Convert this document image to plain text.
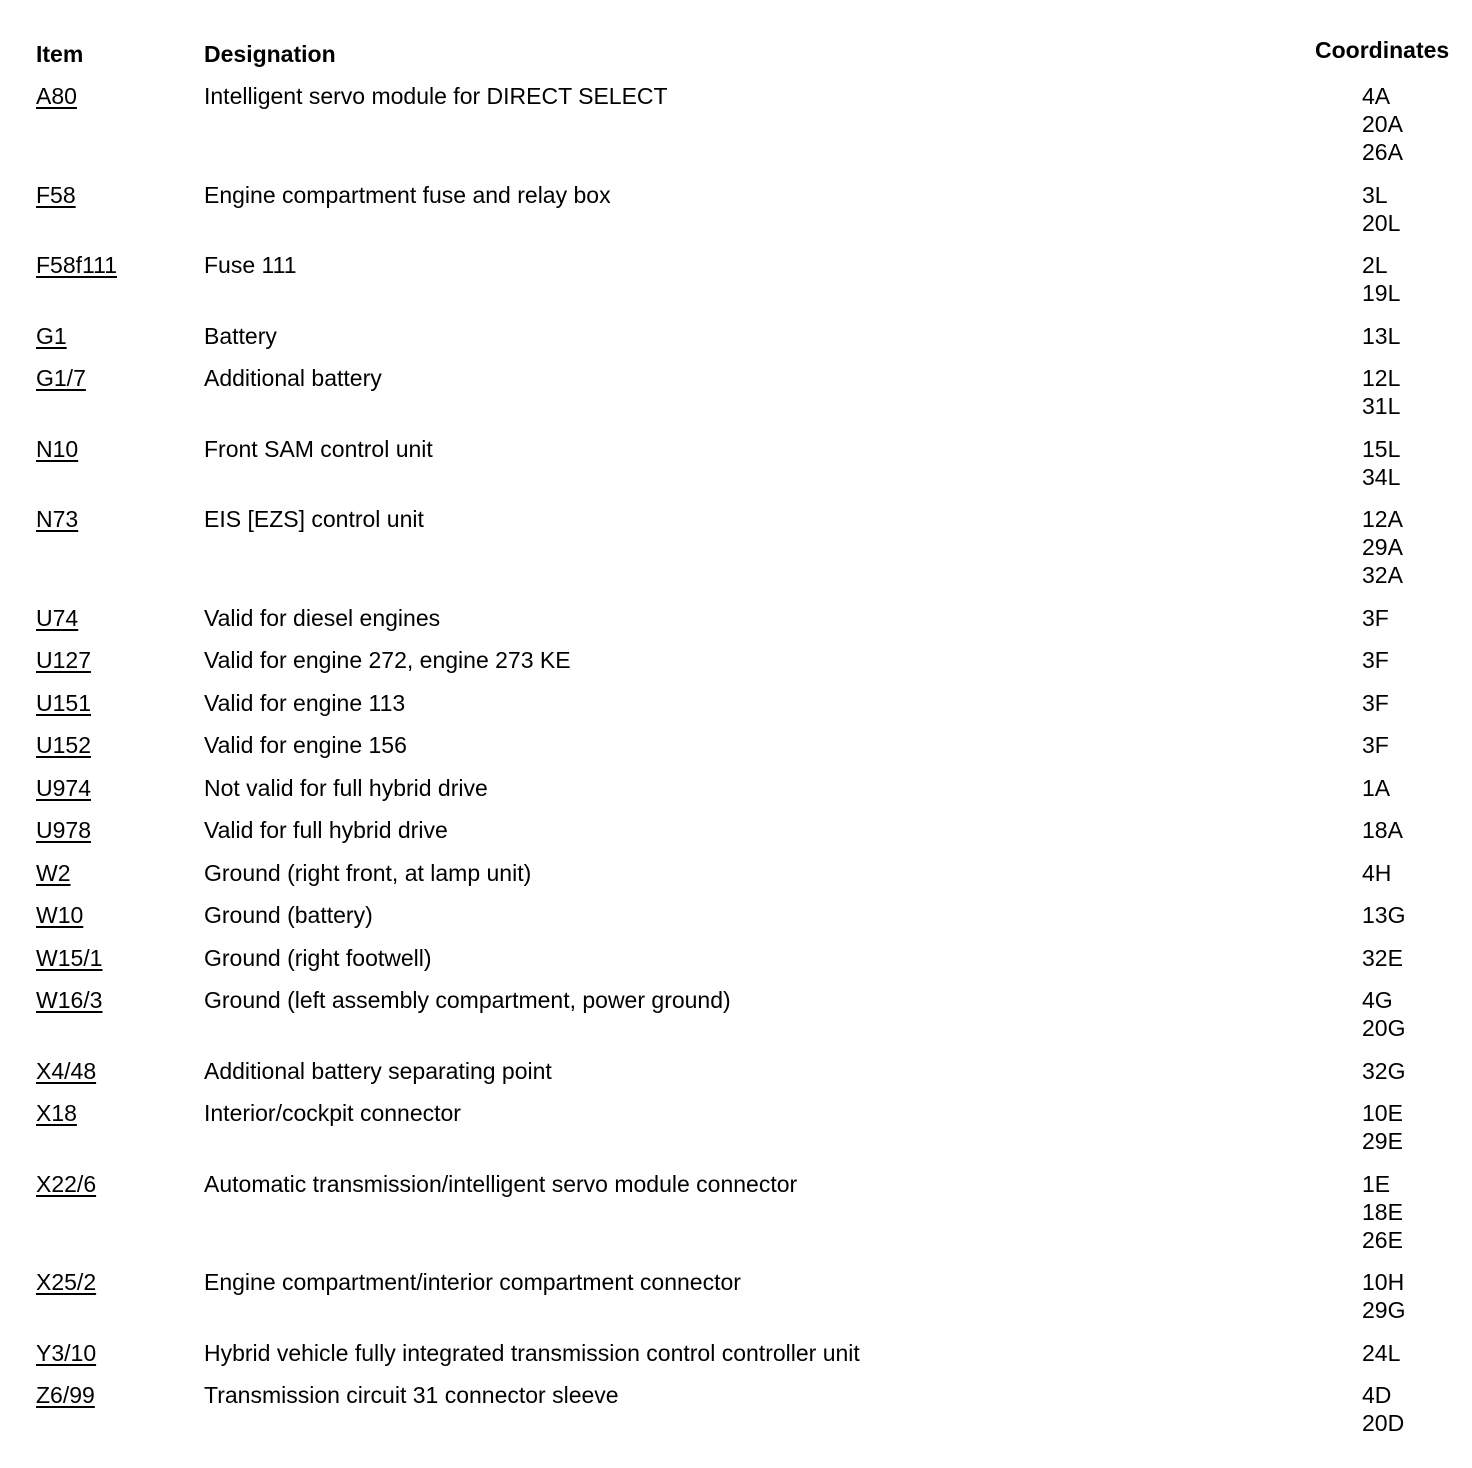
Item	Designation	Coordinates
A80	Intelligent servo module for DIRECT SELECT	4A
20A
26A
F58	Engine compartment fuse and relay box	3L
20L
F58f111	Fuse 111	2L
19L
G1	Battery	13L
G1/7	Additional battery	12L
31L
N10	Front SAM control unit	15L
34L
N73	EIS [EZS] control unit	12A
29A
32A
U74	Valid for diesel engines	3F
U127	Valid for engine 272, engine 273 KE	3F
U151	Valid for engine 113	3F
U152	Valid for engine 156	3F
U974	Not valid for full hybrid drive	1A
U978	Valid for full hybrid drive	18A
W2	Ground (right front, at lamp unit)	4H
W10	Ground (battery)	13G
W15/1	Ground (right footwell)	32E
W16/3	Ground (left assembly compartment, power ground)	4G
20G
X4/48	Additional battery separating point	32G
X18	Interior/cockpit connector	10E
29E
X22/6	Automatic transmission/intelligent servo module connector	1E
18E
26E
X25/2	Engine compartment/interior compartment connector	10H
29G
Y3/10	Hybrid vehicle fully integrated transmission control controller unit	24L
Z6/99	Transmission circuit 31 connector sleeve	4D
20D
